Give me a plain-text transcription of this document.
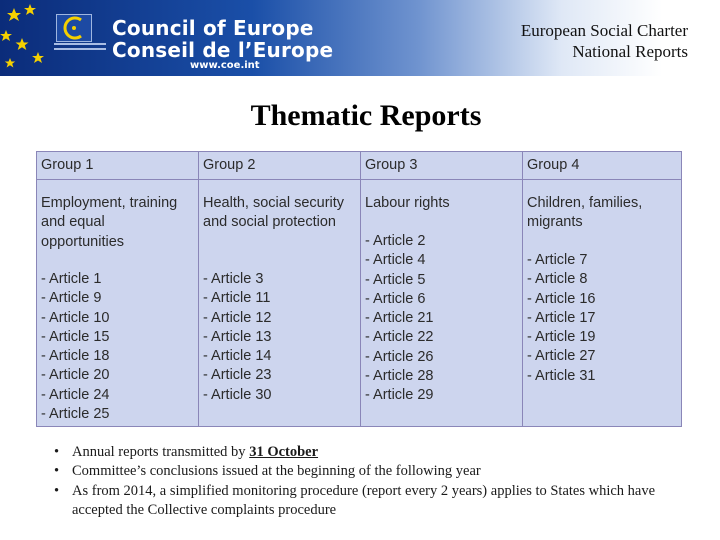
Council of Europe
Conseil de l’Europe
www.coe.int
European Social Charter
National Reports
Thematic Reports
Group 1
Employment, training and equal opportunities
- Article 1
- Article 9
- Article 10
- Article 15
- Article 18
- Article 20
- Article 24
- Article 25
Group 2
Health, social security and social protection
- Article 3
- Article 11
- Article 12
- Article 13
- Article 14
- Article 23
- Article 30
Group 3
Labour rights
- Article 2
- Article 4
- Article 5
- Article 6
- Article 21
- Article 22
- Article 26
- Article 28
- Article 29
Group 4
Children, families, migrants
- Article 7
- Article 8
- Article 16
- Article 17
- Article 19
- Article 27
- Article 31
• Annual reports transmitted by 31 October
• Committee’s conclusions issued at the beginning of the following year
• As from 2014, a simplified monitoring procedure (report every 2 years) applies to States which have accepted the Collective complaints procedure
